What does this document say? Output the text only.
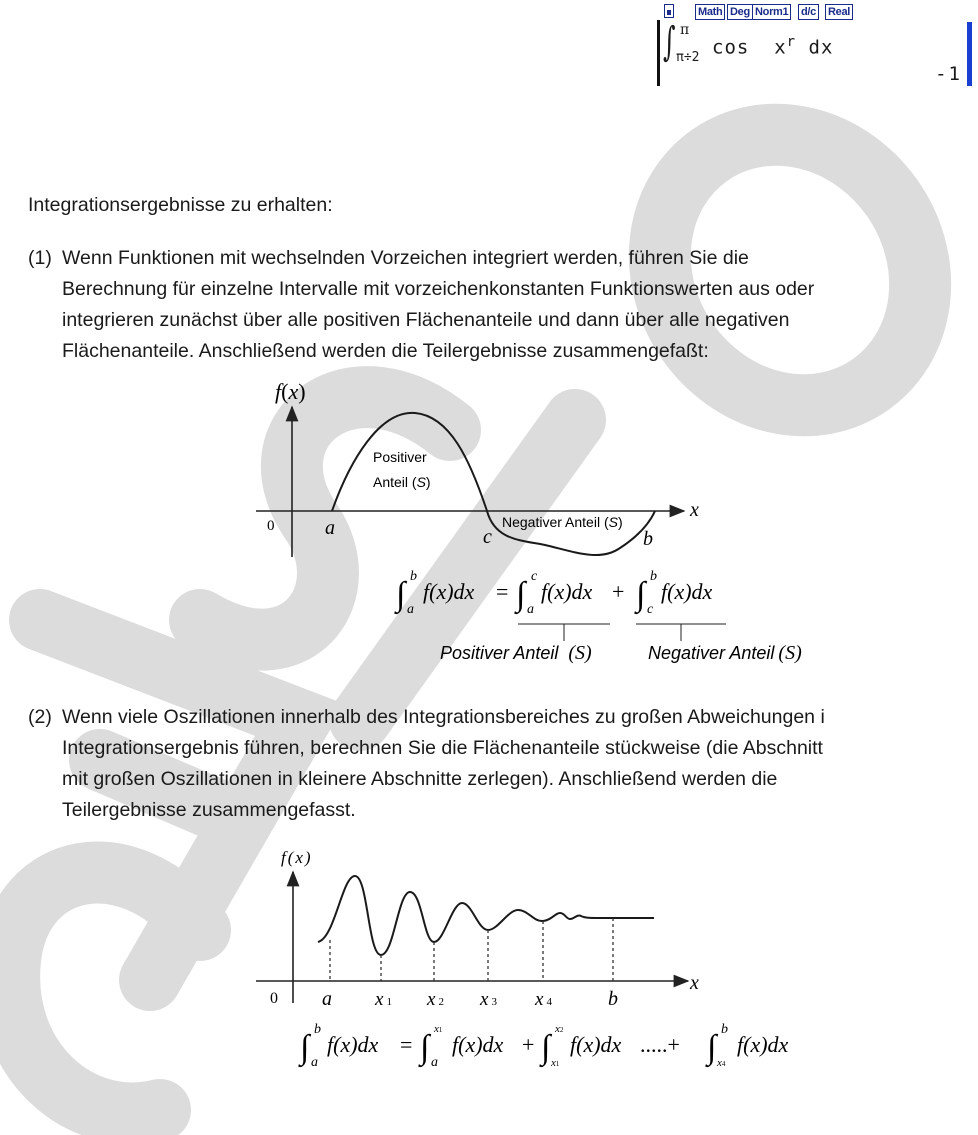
Math Deg Norm1 d/c Real
∫ π
π÷2 $\cos x^r$ dx
-1
Integrationsergebnisse zu erhalten:
(1) Wenn Funktionen mit wechselnden Vorzeichen integriert werden, führen Sie die
Berechnung für einzelne Intervalle mit vorzeichenkonstanten Funktionswerten aus oder
integrieren zunächst über alle positiven Flächenanteile und dann über alle negativen
Flächenanteile. Anschließend werden die Teilergebnisse zusammengefaßt:
f(x)
x
0	a	c	b
Positiver
Anteil (S)
Negativer Anteil (S)
∫ b
a
f(x)dx = ∫ c
a
f(x)dx + ∫ b
c
f(x)dx
Positiver Anteil (S)	Negativer Anteil (S)
(2) Wenn viele Oszillationen innerhalb des Integrationsbereiches zu großen Abweichungen i
Integrationsergebnis führen, berechnen Sie die Flächenanteile stückweise (die Abschnitt
mit großen Oszillationen in kleinere Abschnitte zerlegen). Anschließend werden die
Teilergebnisse zusammengefasst.
f(x)
x
0 a x 1 x 2 x 3 x 4	b
∫ b
a
f(x)dx = ∫ x1
a
f(x)dx + ∫ x2
x1
f(x)dx .....+ ∫ b
x4
f(x)dx
